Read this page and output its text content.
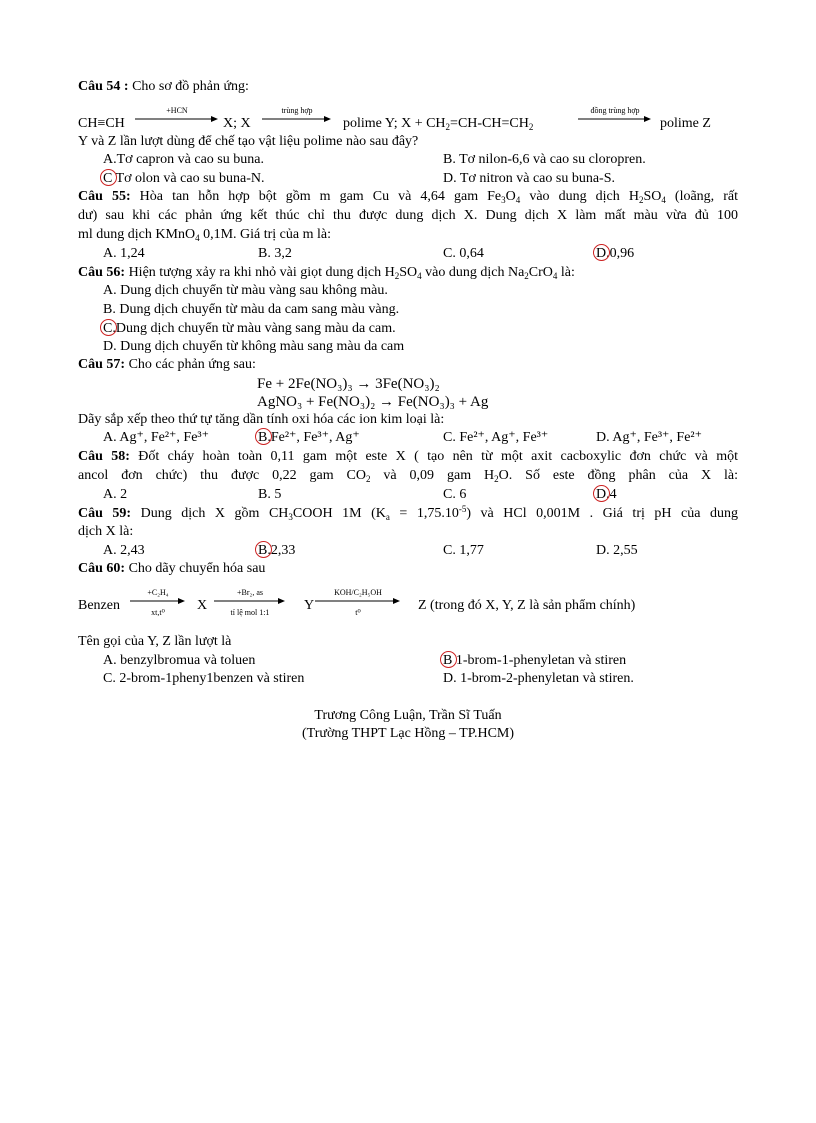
Câu 54 : Cho sơ đồ phản ứng:
CH≡CH
+HCN
X; X
trùng hợp
polime Y; $X + CH_2=CH-CH=CH_2$
đồng trùng hợp
polime Z
Y và Z lần lượt dùng để chế tạo vật liệu polime nào sau đây?
A.Tơ capron và cao su buna.	B. Tơ nilon-6,6 và cao su cloropren.
C Tơ olon và cao su buna-N.	D. Tơ nitron và cao su buna-S.
Câu 55: Hòa tan hỗn hợp bột gồm m gam Cu và 4,64 gam $Fe_3O_4$ vào dung dịch $H_2SO_4$ (loãng, rất
dư) sau khi các phản ứng kết thúc chỉ thu được dung dịch X. Dung dịch X làm mất màu vừa đủ 100
ml dung dịch KMnO$_4$ 0,1M. Giá trị của m là:
A. 1,24	B. 3,2	C. 0,64	D.0,96
Câu 56: Hiện tượng xảy ra khi nhỏ vài giọt dung dịch $H_2SO_4$ vào dung dịch $Na_2CrO_4$ là:
A. Dung dịch chuyển từ màu vàng sau không màu.
B. Dung dịch chuyển từ màu da cam sang màu vàng.
C.Dung dịch chuyển từ màu vàng sang màu da cam.
D. Dung dịch chuyển từ không màu sang màu da cam
Câu 57: Cho các phản ứng sau:
Fe + 2Fe(NO₃)₃ → 3Fe(NO₃)₂
AgNO₃ + Fe(NO₃)₂ → Fe(NO₃)₃ + Ag
Dãy sắp xếp theo thứ tự tăng dần tính oxi hóa các ion kim loại là:
A. Ag⁺, Fe²⁺, Fe³⁺	B.Fe²⁺, Fe³⁺, Ag⁺	C. Fe²⁺, Ag⁺, Fe³⁺	D. Ag⁺, Fe³⁺, Fe²⁺
Câu 58: Đốt cháy hoàn toàn 0,11 gam một este X ( tạo nên từ một axit cacboxylic đơn chức và một
ancol đơn chức) thu được 0,22 gam $CO_2$ và 0,09 gam $H_2O$. Số este đồng phân của X là:
A. 2	B. 5	C. 6	D.4
Câu 59: Dung dịch X gồm $CH_3COOH$ 1M $(K_a = 1,75.10^{-5})$ và HCl 0,001M . Giá trị pH của dung
dịch X là:
A. 2,43	B.2,33	C. 1,77	D. 2,55
Câu 60: Cho dãy chuyển hóa sau
Benzen
+C₂H₄
xt,t⁰	X
+Br₂, as
tỉ lệ mol 1:1	Y
KOH/C₂H₅OH
t⁰	Z (trong đó X, Y, Z là sản phẩm chính)
Tên gọi của Y, Z lần lượt là
A. benzylbromua và toluen	B 1-brom-1-phenyletan và stiren
C. 2-brom-1pheny1benzen và stiren	D. 1-brom-2-phenyletan và stiren.
Trương Công Luận, Trần Sĩ Tuấn
(Trường THPT Lạc Hồng – TP.HCM)
